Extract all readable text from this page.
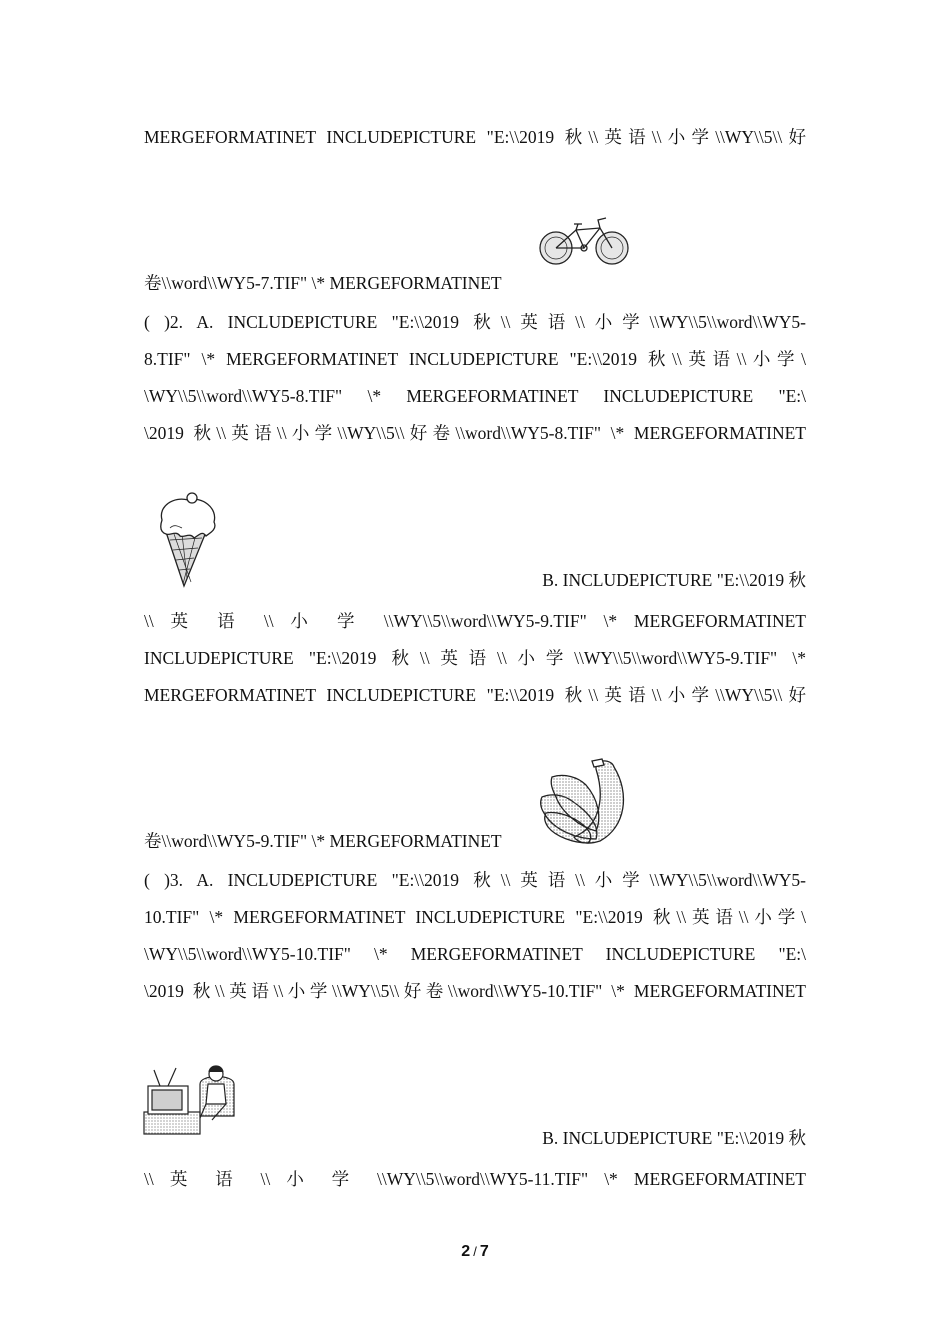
MERGEFORMATINET INCLUDEPICTURE "E:\\2019 秋\\英语\\小学\\WY\\5\\好
卷\\word\\WY5-7.TIF" \* MERGEFORMATINET
( )2. A. INCLUDEPICTURE "E:\\2019 秋\\英语\\小学\\WY\\5\\word\\WY5-
8.TIF" \* MERGEFORMATINET INCLUDEPICTURE "E:\\2019 秋\\英语\\小学\
\WY\\5\\word\\WY5-8.TIF" \* MERGEFORMATINET INCLUDEPICTURE "E:\
\2019 秋\\英语\\小学\\WY\\5\\好卷\\word\\WY5-8.TIF" \* MERGEFORMATINET
B. INCLUDEPICTURE "E:\\2019 秋
\\ 英 语 \\ 小 学 \\WY\\5\\word\\WY5-9.TIF" \* MERGEFORMATINET
INCLUDEPICTURE "E:\\2019 秋\\英语\\小学\\WY\\5\\word\\WY5-9.TIF" \*
MERGEFORMATINET INCLUDEPICTURE "E:\\2019 秋\\英语\\小学\\WY\\5\\好
卷\\word\\WY5-9.TIF" \* MERGEFORMATINET
( )3. A. INCLUDEPICTURE "E:\\2019 秋\\英语\\小学\\WY\\5\\word\\WY5-
10.TIF" \* MERGEFORMATINET INCLUDEPICTURE "E:\\2019 秋\\英语\\小学\
\WY\\5\\word\\WY5-10.TIF" \* MERGEFORMATINET INCLUDEPICTURE "E:\
\2019 秋\\英语\\小学\\WY\\5\\好卷\\word\\WY5-10.TIF" \* MERGEFORMATINET
B. INCLUDEPICTURE "E:\\2019 秋
\\ 英 语 \\ 小 学 \\WY\\5\\word\\WY5-11.TIF" \* MERGEFORMATINET
2 / 7
